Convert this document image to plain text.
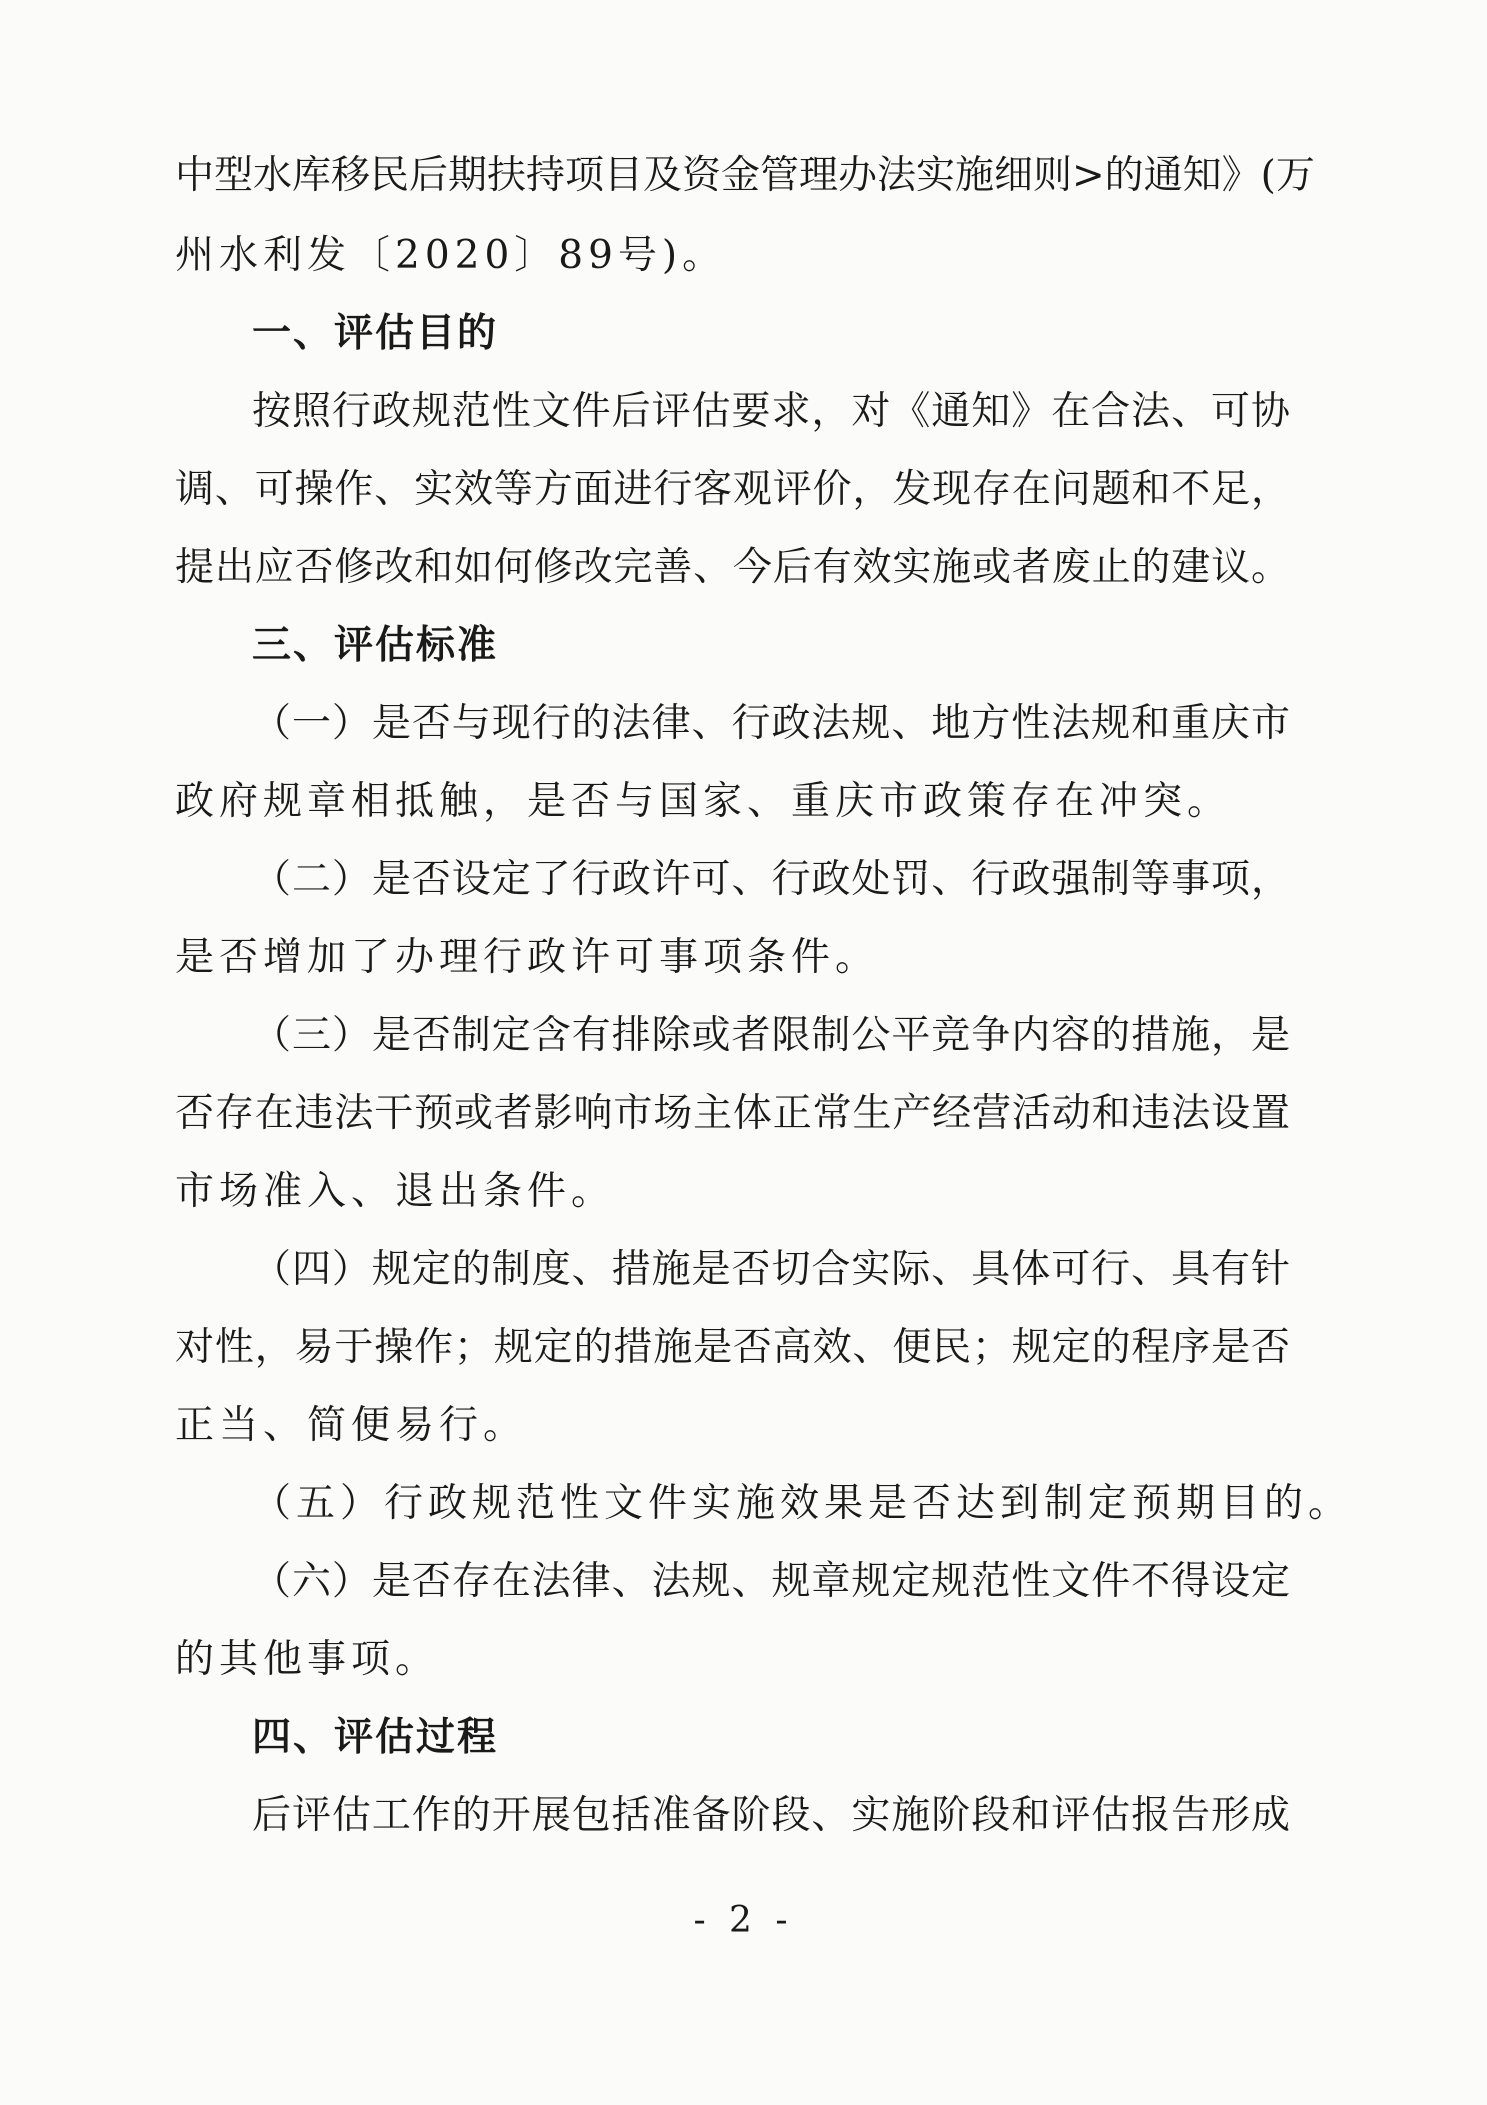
中型水库移民后期扶持项目及资金管理办法实施细则>的通知》(万
州水利发〔2020〕89号)。
一、评估目的
按照行政规范性文件后评估要求，对《通知》在合法、可协
调、可操作、实效等方面进行客观评价，发现存在问题和不足，
提出应否修改和如何修改完善、今后有效实施或者废止的建议。
三、评估标准
（一）是否与现行的法律、行政法规、地方性法规和重庆市
政府规章相抵触，是否与国家、重庆市政策存在冲突。
（二）是否设定了行政许可、行政处罚、行政强制等事项，
是否增加了办理行政许可事项条件。
（三）是否制定含有排除或者限制公平竞争内容的措施，是
否存在违法干预或者影响市场主体正常生产经营活动和违法设置
市场准入、退出条件。
（四）规定的制度、措施是否切合实际、具体可行、具有针
对性，易于操作；规定的措施是否高效、便民；规定的程序是否
正当、简便易行。
（五）行政规范性文件实施效果是否达到制定预期目的。
（六）是否存在法律、法规、规章规定规范性文件不得设定
的其他事项。
四、评估过程
后评估工作的开展包括准备阶段、实施阶段和评估报告形成
- 2 -
